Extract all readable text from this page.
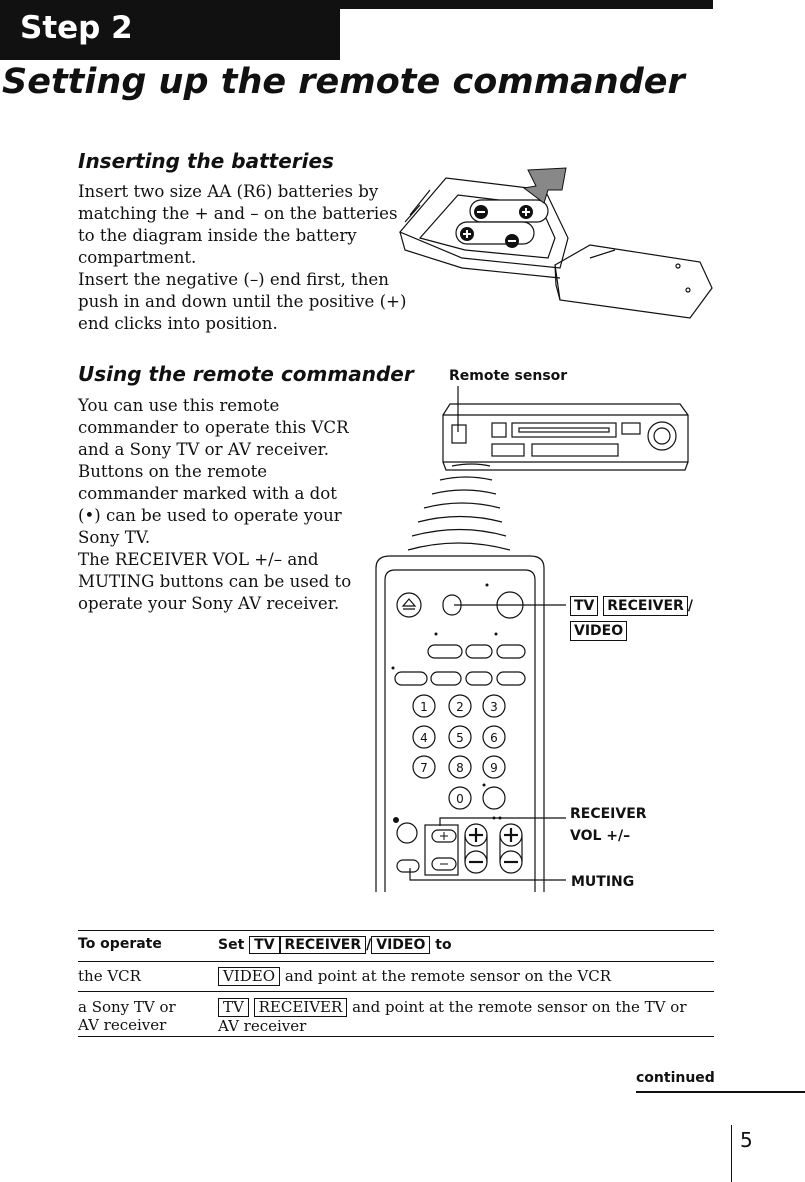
Step 2
Setting up the remote commander
Inserting the batteries

Insert two size AA (R6) batteries by

matching the + and – on the batteries

to the diagram inside the battery

compartment.

Insert the negative (–) end first, then

push in and down until the positive (+)

end clicks into position.

Using the remote commander

You can use this remote

commander to operate this VCR

and a Sony TV or AV receiver.

Buttons on the remote

commander marked with a dot

(•) can be used to operate your

Sony TV.

The RECEIVER VOL +/– and

MUTING buttons can be used to

operate your Sony AV receiver.

Remote sensor
1 2 3
4 5 6
7 8 9
0
TV RECEIVER /
VIDEO
RECEIVER
VOL +/–
MUTING
To operate	Set TV RECEIVER / VIDEO to
the VCR	VIDEO and point at the remote sensor on the VCR
a Sony TV or
AV receiver
TV RECEIVER and point at the remote sensor on the TV or
AV receiver
continued
5
